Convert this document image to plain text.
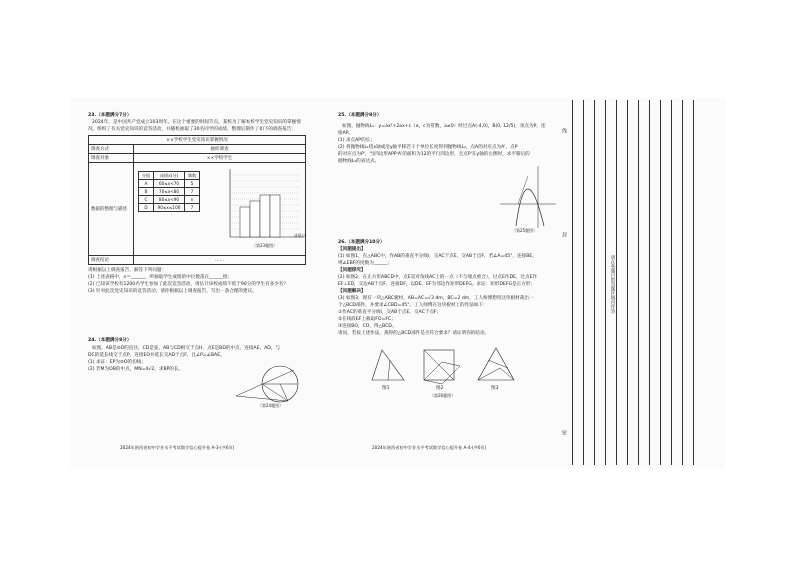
23.（本题满分7分）
2024年，是中国共产党成立103周年。在这个重要的时间节点，某校为了解本校学生党史知识的掌握情
况，组织了有关党史知识的竞答活动，并随机抽取了30名同学的成绩，整理后制作了如下的调查报告：
××学校学生党史知识掌握情况
调查方式	抽样调查
调查对象	××学校学生
数据的整理与描述	
分组	成绩x(分)	频数
A	60≤x<70	5
B	70≤x<80	7
C	80≤x<90	n
D	90≤x≤100	7
成绩/分
（第23题图）

调查结论	……
请根据以上调查报告，解答下列问题：
(1) 上述表格中，n＝______，所抽取学生成绩的中位数落在______组；
(2) 已知该学校有1200名学生参加了此次竞答活动，请估计该校成绩不低于90分的学生有多少名？
(3) 针对此次党史知识的竞答活动，请你根据以上调查报告，写出一条合理的建议。
24.（本题满分8分）
如图，AB是⊙O的直径，CD是弦，AB与CD相交于点H，点E是BD的中点，连接AE、AD，与
DC的延长线交于点P，连接EO并延长交AD于点F，且∠P=∠BAE。
(1) 求证：EP为⊙O的切线；
(2) 若M为OB的中点，MN=4√2，求BP的长。
（第24题图）
25.（本题满分8分）
如图，抛物线L₁：y=ax²+2ax+c（a，c为常数，a≠0）经过点A(-4,0)，B(0, 12/5)，顶点为P，连
接AP。
(1) 求点AP的长；
(2) 将抛物线L₁绕x轴或沿y轴平移若干个单位长度得到抛物线L₂，点A的对应点为A'，点P
的对应点为P'，当四边形APP'A'的面积为12的平行四边形，且点P'在y轴的左侧时，求平移后的
抛物线L₂的表达式。
（第25题图）
26.（本题满分10分）
【问题提出】
(1) 如图1，在△ABC中，作AB的垂直平分线l，交AC于点E，交AB于点F，若∠A=45°，连接BE，
则∠EBF的度数为______；
【问题探究】
(2) 如图2，在正方形ABCD中，点E是对角线AC上的一点（不与端点重合），过点E作DE，过点E作
EF⊥ED，交边AB于点F，连接DF，以DE、EF为邻边作矩形DEFG。求证：矩形DEFG是正方形；
【问题解决】
(3) 如图3，现有一块△ABC板材，AB=AC=√3 dm，BC=2 dm，工人师傅想用这块板材裁出一
个△BCD部件，并要求∠CBD=45°。工人师傅在这块板材上的作法如下：
①作AC的垂直平分线l，交AB于点E，交AC于点F；
②在线段EF上截取FO=FC；
③连接BO，CO，得△BCD。
请问，若按上述作法，裁得的△BCD部件是否符合要求？请证明你的结论。
图1	图2	图3
（第26题图）
2024年陕西省初中学业水平考试数学信心提升卷 A-3-(共6页)	2024年陕西省初中学业水平考试数学信心提升卷 A-4-(共6页)
线
封
密
请在各题目的答题区域内作答
